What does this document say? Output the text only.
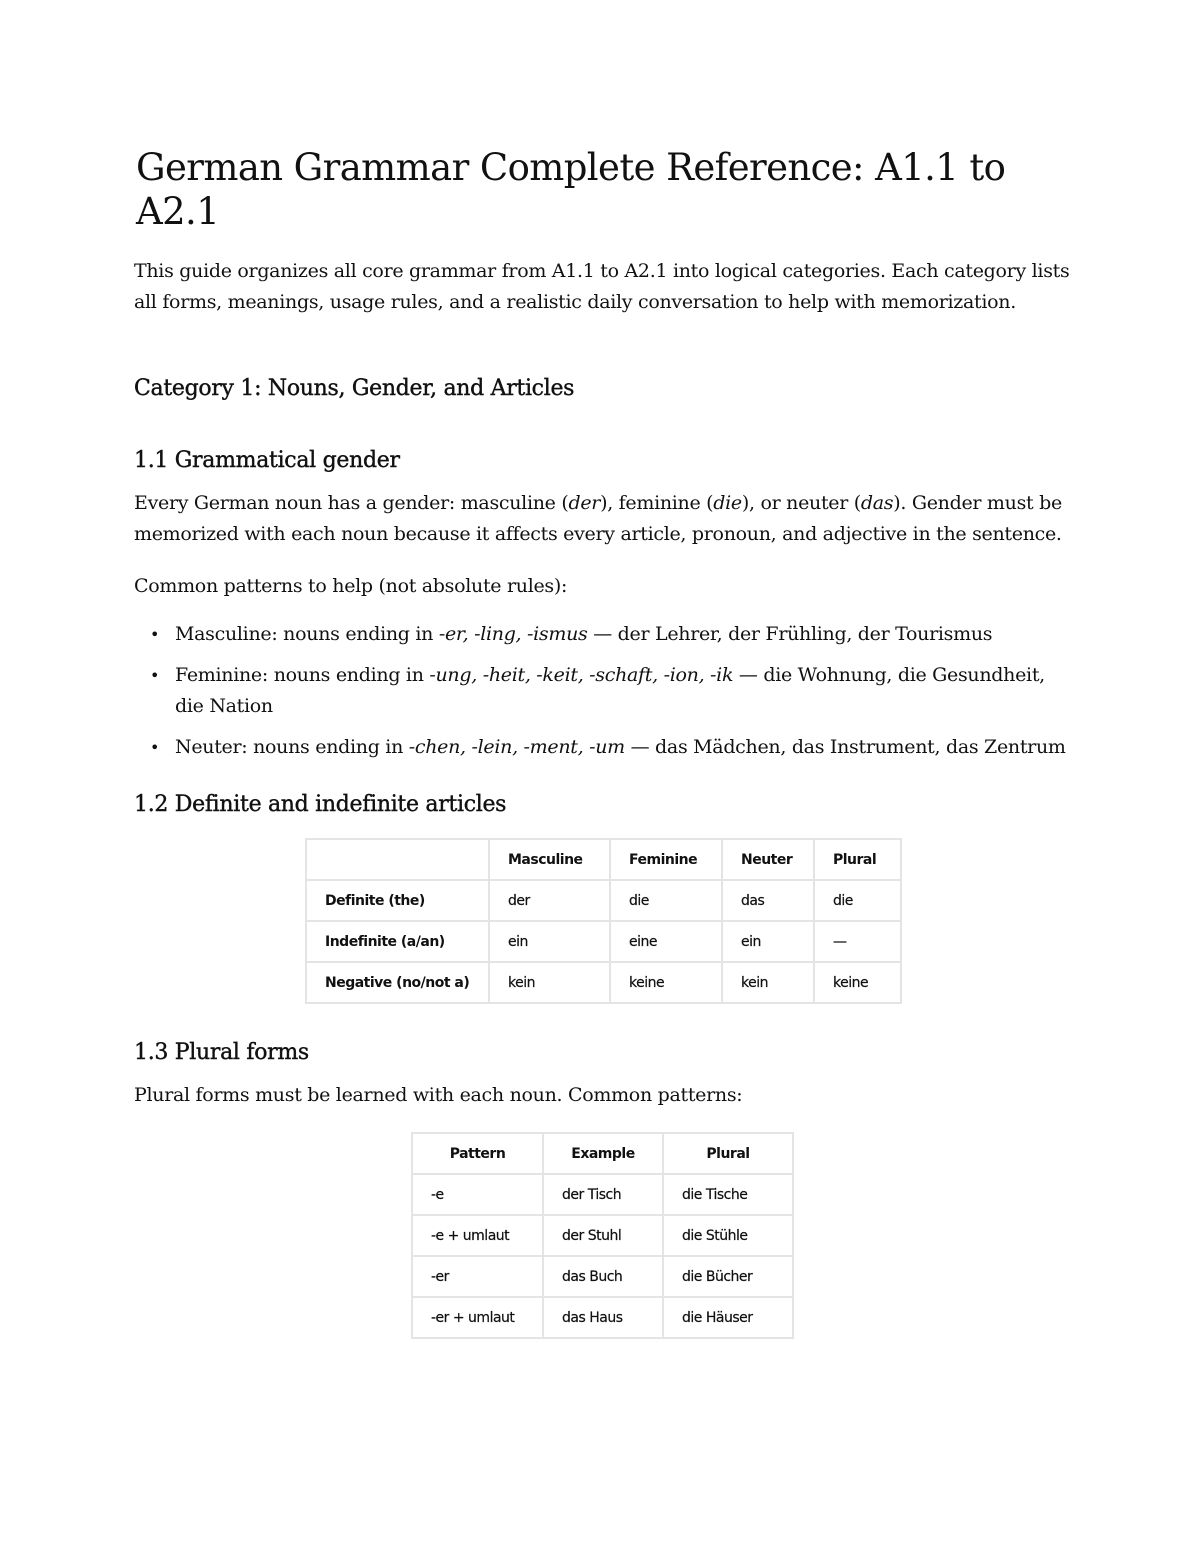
German Grammar Complete Reference: A1.1 to A2.1

This guide organizes all core grammar from A1.1 to A2.1 into logical categories. Each category lists all forms, meanings, usage rules, and a realistic daily conversation to help with memorization.

Category 1: Nouns, Gender, and Articles
1.1 Grammatical gender

Every German noun has a gender: masculine (der), feminine (die), or neuter (das). Gender must be memorized with each noun because it affects every article, pronoun, and adjective in the sentence.

Common patterns to help (not absolute rules):

• Masculine: nouns ending in -er, -ling, -ismus — der Lehrer, der Frühling, der Tourismus
• Feminine: nouns ending in -ung, -heit, -keit, -schaft, -ion, -ik — die Wohnung, die Gesundheit, die Nation
• Neuter: nouns ending in -chen, -lein, -ment, -um — das Mädchen, das Instrument, das Zentrum
1.2 Definite and indefinite articles
	Masculine	Feminine	Neuter	Plural
Definite (the)	der	die	das	die
Indefinite (a/an)	ein	eine	ein	—
Negative (no/not a)	kein	keine	kein	keine
1.3 Plural forms

Plural forms must be learned with each noun. Common patterns:

Pattern	Example	Plural
-e	der Tisch	die Tische
-e + umlaut	der Stuhl	die Stühle
-er	das Buch	die Bücher
-er + umlaut	das Haus	die Häuser
